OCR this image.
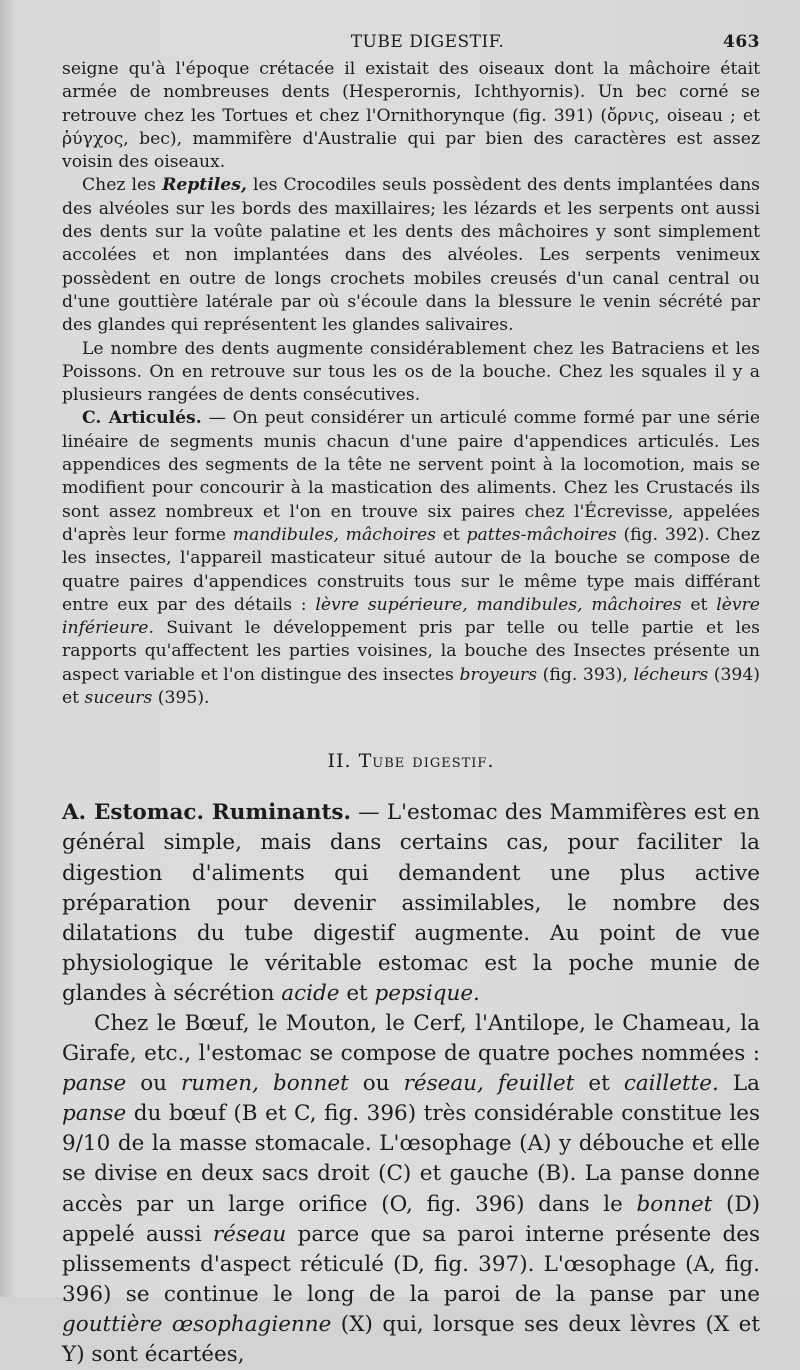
TUBE DIGESTIF.	463

seigne qu'à l'époque crétacée il existait des oiseaux dont la mâchoire était armée de nombreuses dents (Hesperornis, Ichthyornis). Un bec corné se retrouve chez les Tortues et chez l'Ornithorynque (fig. 391) (ὄρνις, oiseau ; et ῥύγχος, bec), mammifère d'Australie qui par bien des caractères est assez voisin des oiseaux.

Chez les Reptiles, les Crocodiles seuls possèdent des dents implantées dans des alvéoles sur les bords des maxillaires; les lézards et les serpents ont aussi des dents sur la voûte palatine et les dents des mâchoires y sont simplement accolées et non implantées dans des alvéoles. Les serpents venimeux possèdent en outre de longs crochets mobiles creusés d'un canal central ou d'une gouttière latérale par où s'écoule dans la blessure le venin sécrété par des glandes qui représentent les glandes salivaires.

Le nombre des dents augmente considérablement chez les Batraciens et les Poissons. On en retrouve sur tous les os de la bouche. Chez les squales il y a plusieurs rangées de dents consécutives.

C. Articulés. — On peut considérer un articulé comme formé par une série linéaire de segments munis chacun d'une paire d'appendices articulés. Les appendices des segments de la tête ne servent point à la locomotion, mais se modifient pour concourir à la mastication des aliments. Chez les Crustacés ils sont assez nombreux et l'on en trouve six paires chez l'Écrevisse, appelées d'après leur forme mandibules, mâchoires et pattes-mâchoires (fig. 392). Chez les insectes, l'appareil masticateur situé autour de la bouche se compose de quatre paires d'appendices construits tous sur le même type mais différant entre eux par des détails : lèvre supérieure, mandibules, mâchoires et lèvre inférieure. Suivant le développement pris par telle ou telle partie et les rapports qu'affectent les parties voisines, la bouche des Insectes présente un aspect variable et l'on distingue des insectes broyeurs (fig. 393), lécheurs (394) et suceurs (395).

II. Tube digestif.

A. Estomac. Ruminants. — L'estomac des Mammifères est en général simple, mais dans certains cas, pour faciliter la digestion d'aliments qui demandent une plus active préparation pour devenir assimilables, le nombre des dilatations du tube digestif augmente. Au point de vue physiologique le véritable estomac est la poche munie de glandes à sécrétion acide et pepsique.

Chez le Bœuf, le Mouton, le Cerf, l'Antilope, le Chameau, la Girafe, etc., l'estomac se compose de quatre poches nommées : panse ou rumen, bonnet ou réseau, feuillet et caillette. La panse du bœuf (B et C, fig. 396) très considérable constitue les 9/10 de la masse stomacale. L'œsophage (A) y débouche et elle se divise en deux sacs droit (C) et gauche (B). La panse donne accès par un large orifice (O, fig. 396) dans le bonnet (D) appelé aussi réseau parce que sa paroi interne présente des plissements d'aspect réticulé (D, fig. 397). L'œsophage (A, fig. 396) se continue le long de la paroi de la panse par une gouttière œsophagienne (X) qui, lorsque ses deux lèvres (X et Y) sont écartées,
